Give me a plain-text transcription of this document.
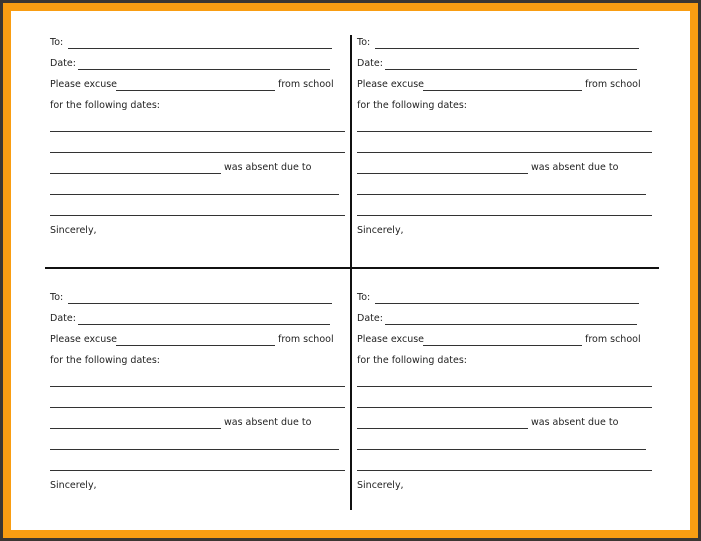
To:
Date:
Please excuse	from school
for the following dates:
was absent due to
Sincerely,
To:
Date:
Please excuse	from school
for the following dates:
was absent due to
Sincerely,
To:
Date:
Please excuse	from school
for the following dates:
was absent due to
Sincerely,
To:
Date:
Please excuse	from school
for the following dates:
was absent due to
Sincerely,
